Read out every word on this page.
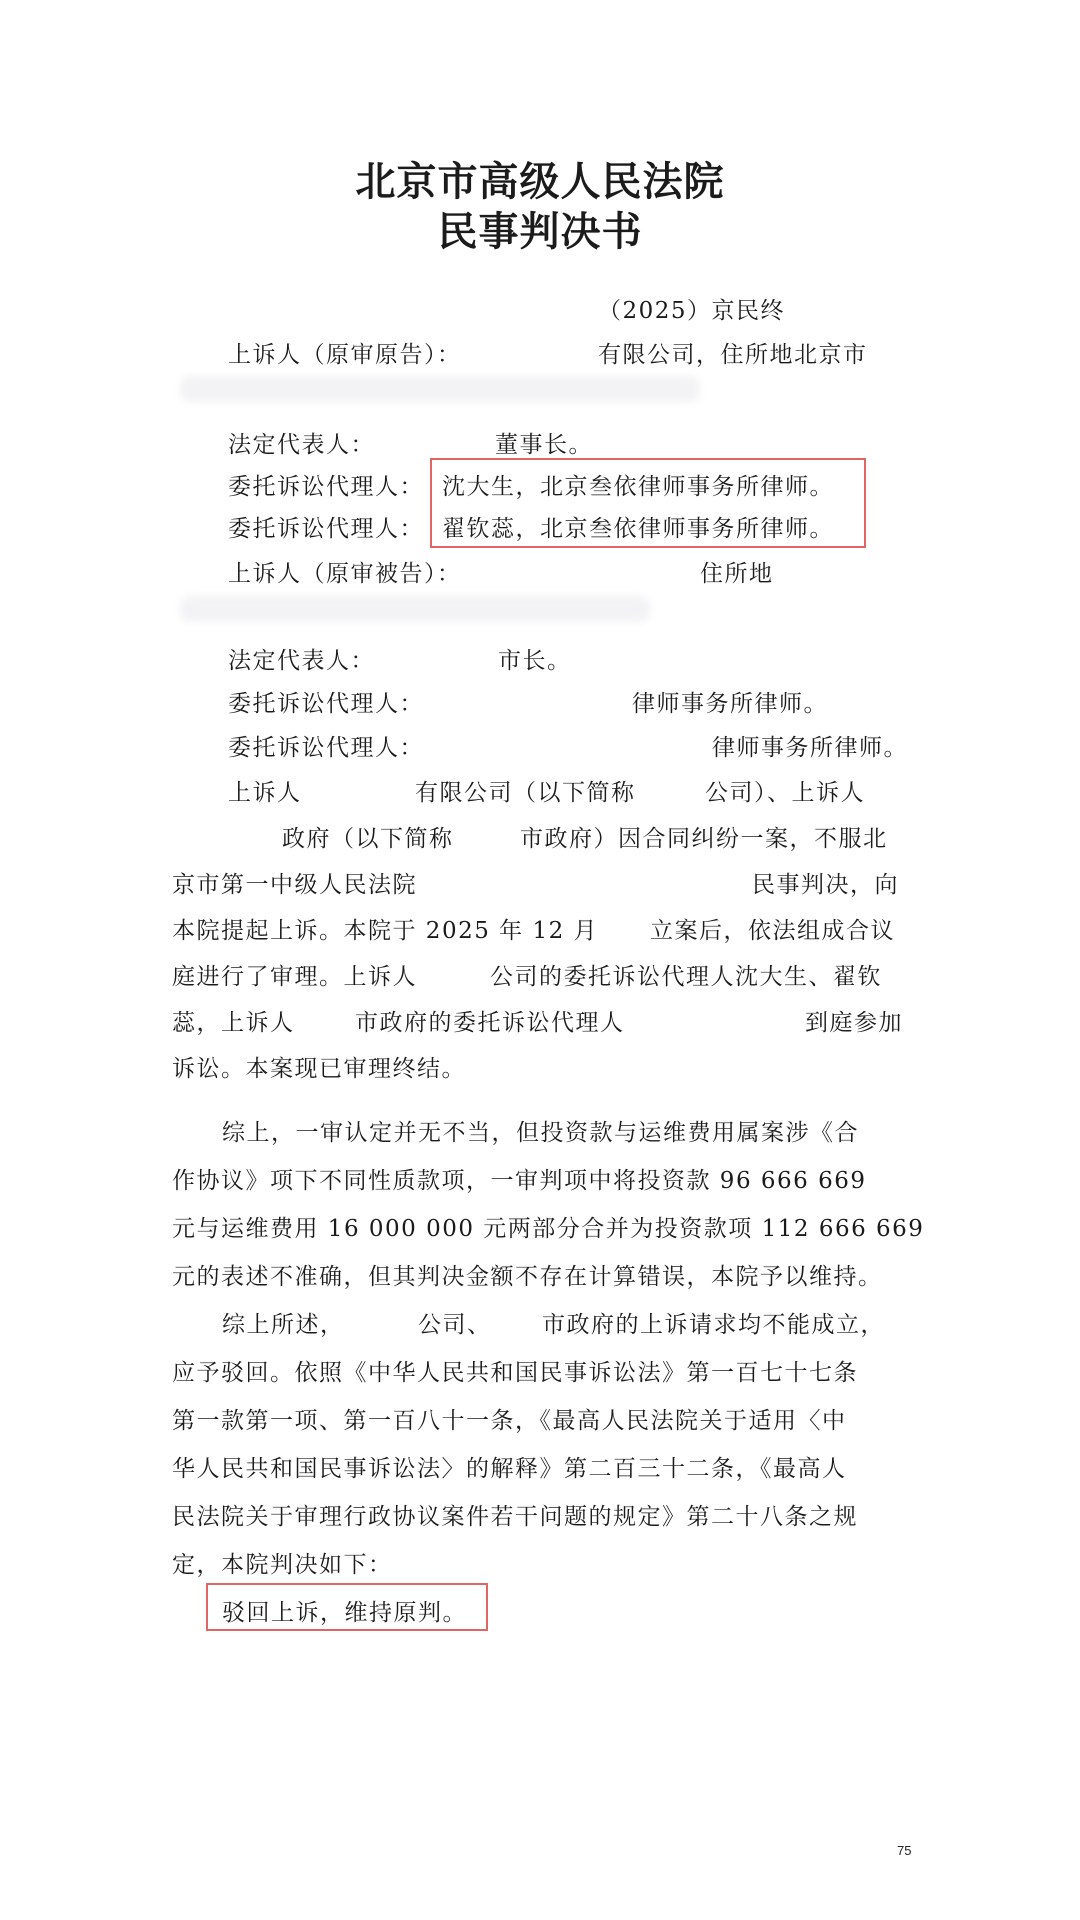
北京市高级人民法院
民事判决书
（2025）京民终
上诉人（原审原告）：	有限公司，住所地北京市
法定代表人：	董事长。
委托诉讼代理人： 沈大生，北京叁依律师事务所律师。
委托诉讼代理人： 翟钦蕊，北京叁依律师事务所律师。
上诉人（原审被告）：	住所地
法定代表人：	市长。
委托诉讼代理人：	律师事务所律师。
委托诉讼代理人：	律师事务所律师。
上诉人	有限公司（以下简称	公司）、上诉人
政府（以下简称	市政府）因合同纠纷一案，不服北
京市第一中级人民法院	民事判决，向
本院提起上诉。本院于 2025 年 12 月 立案后，依法组成合议
庭进行了审理。上诉人	公司的委托诉讼代理人沈大生、翟钦
蕊，上诉人	市政府的委托诉讼代理人	到庭参加
诉讼。本案现已审理终结。
综上，一审认定并无不当，但投资款与运维费用属案涉《合
作协议》项下不同性质款项，一审判项中将投资款 96 666 669
元与运维费用 16 000 000 元两部分合并为投资款项 112 666 669
元的表述不准确，但其判决金额不存在计算错误，本院予以维持。
综上所述，	公司、 市政府的上诉请求均不能成立，
应予驳回。依照《中华人民共和国民事诉讼法》第一百七十七条
第一款第一项、第一百八十一条，《最高人民法院关于适用〈中
华人民共和国民事诉讼法〉的解释》第二百三十二条，《最高人
民法院关于审理行政协议案件若干问题的规定》第二十八条之规
定，本院判决如下：
驳回上诉，维持原判。
75
